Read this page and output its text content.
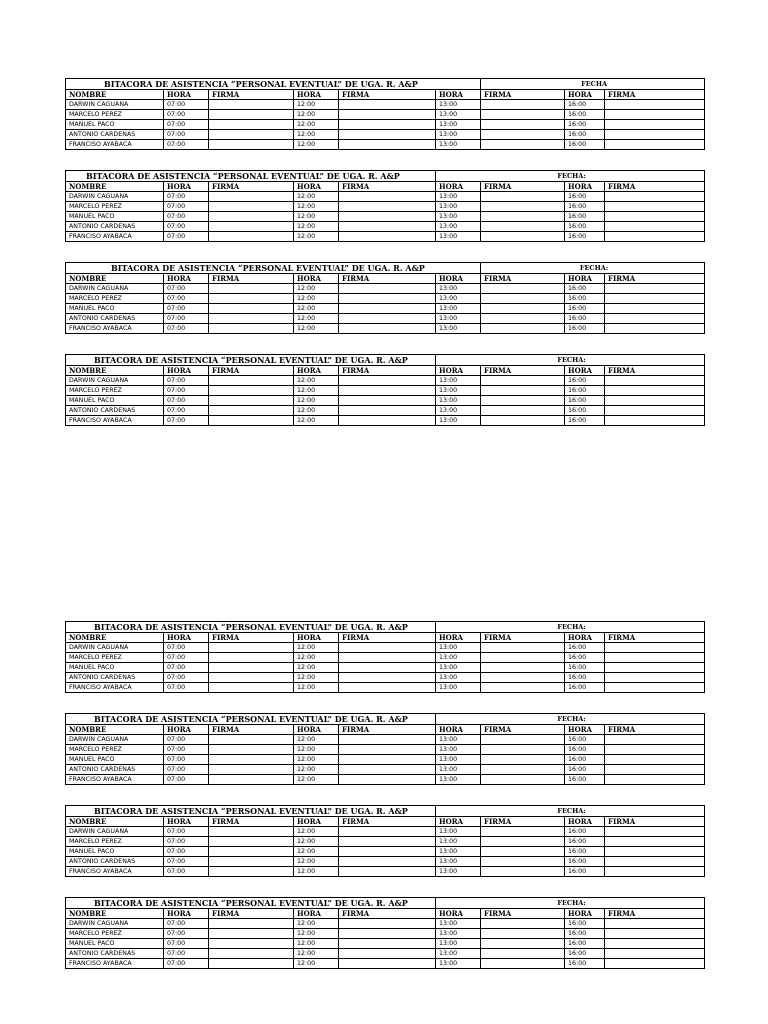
BITACORA DE ASISTENCIA “PERSONAL EVENTUAL” DE UGA. R. A&P						FECHA		
NOMBRE	HORA	FIRMA	HORA	FIRMA	HORA	FIRMA	HORA	FIRMA
DARWIN CAGUANA	07:00		12:00		13:00		16:00	
MARCELO PEREZ	07:00		12:00		13:00		16:00	
MANUEL PACO	07:00		12:00		13:00		16:00	
ANTONIO CARDENAS	07:00		12:00		13:00		16:00	
FRANCISO AYABACA	07:00		12:00		13:00		16:00	
BITACORA DE ASISTENCIA “PERSONAL EVENTUAL” DE UGA. R. A&P					FECHA:			
NOMBRE	HORA	FIRMA	HORA	FIRMA	HORA	FIRMA	HORA	FIRMA
DARWIN CAGUANA	07:00		12:00		13:00		16:00	
MARCELO PEREZ	07:00		12:00		13:00		16:00	
MANUEL PACO	07:00		12:00		13:00		16:00	
ANTONIO CARDENAS	07:00		12:00		13:00		16:00	
FRANCISO AYABACA	07:00		12:00		13:00		16:00	
BITACORA DE ASISTENCIA “PERSONAL EVENTUAL” DE UGA. R. A&P						FECHA:		
NOMBRE	HORA	FIRMA	HORA	FIRMA	HORA	FIRMA	HORA	FIRMA
DARWIN CAGUANA	07:00		12:00		13:00		16:00	
MARCELO PEREZ	07:00		12:00		13:00		16:00	
MANUEL PACO	07:00		12:00		13:00		16:00	
ANTONIO CARDENAS	07:00		12:00		13:00		16:00	
FRANCISO AYABACA	07:00		12:00		13:00		16:00	
BITACORA DE ASISTENCIA “PERSONAL EVENTUAL” DE UGA. R. A&P					FECHA:			
NOMBRE	HORA	FIRMA	HORA	FIRMA	HORA	FIRMA	HORA	FIRMA
DARWIN CAGUANA	07:00		12:00		13:00		16:00	
MARCELO PEREZ	07:00		12:00		13:00		16:00	
MANUEL PACO	07:00		12:00		13:00		16:00	
ANTONIO CARDENAS	07:00		12:00		13:00		16:00	
FRANCISO AYABACA	07:00		12:00		13:00		16:00	
BITACORA DE ASISTENCIA “PERSONAL EVENTUAL” DE UGA. R. A&P					FECHA:			
NOMBRE	HORA	FIRMA	HORA	FIRMA	HORA	FIRMA	HORA	FIRMA
DARWIN CAGUANA	07:00		12:00		13:00		16:00	
MARCELO PEREZ	07:00		12:00		13:00		16:00	
MANUEL PACO	07:00		12:00		13:00		16:00	
ANTONIO CARDENAS	07:00		12:00		13:00		16:00	
FRANCISO AYABACA	07:00		12:00		13:00		16:00	
BITACORA DE ASISTENCIA “PERSONAL EVENTUAL” DE UGA. R. A&P					FECHA:			
NOMBRE	HORA	FIRMA	HORA	FIRMA	HORA	FIRMA	HORA	FIRMA
DARWIN CAGUANA	07:00		12:00		13:00		16:00	
MARCELO PEREZ	07:00		12:00		13:00		16:00	
MANUEL PACO	07:00		12:00		13:00		16:00	
ANTONIO CARDENAS	07:00		12:00		13:00		16:00	
FRANCISO AYABACA	07:00		12:00		13:00		16:00	
BITACORA DE ASISTENCIA “PERSONAL EVENTUAL” DE UGA. R. A&P					FECHA:			
NOMBRE	HORA	FIRMA	HORA	FIRMA	HORA	FIRMA	HORA	FIRMA
DARWIN CAGUANA	07:00		12:00		13:00		16:00	
MARCELO PEREZ	07:00		12:00		13:00		16:00	
MANUEL PACO	07:00		12:00		13:00		16:00	
ANTONIO CARDENAS	07:00		12:00		13:00		16:00	
FRANCISO AYABACA	07:00		12:00		13:00		16:00	
BITACORA DE ASISTENCIA “PERSONAL EVENTUAL” DE UGA. R. A&P					FECHA:			
NOMBRE	HORA	FIRMA	HORA	FIRMA	HORA	FIRMA	HORA	FIRMA
DARWIN CAGUANA	07:00		12:00		13:00		16:00	
MARCELO PEREZ	07:00		12:00		13:00		16:00	
MANUEL PACO	07:00		12:00		13:00		16:00	
ANTONIO CARDENAS	07:00		12:00		13:00		16:00	
FRANCISO AYABACA	07:00		12:00		13:00		16:00	
